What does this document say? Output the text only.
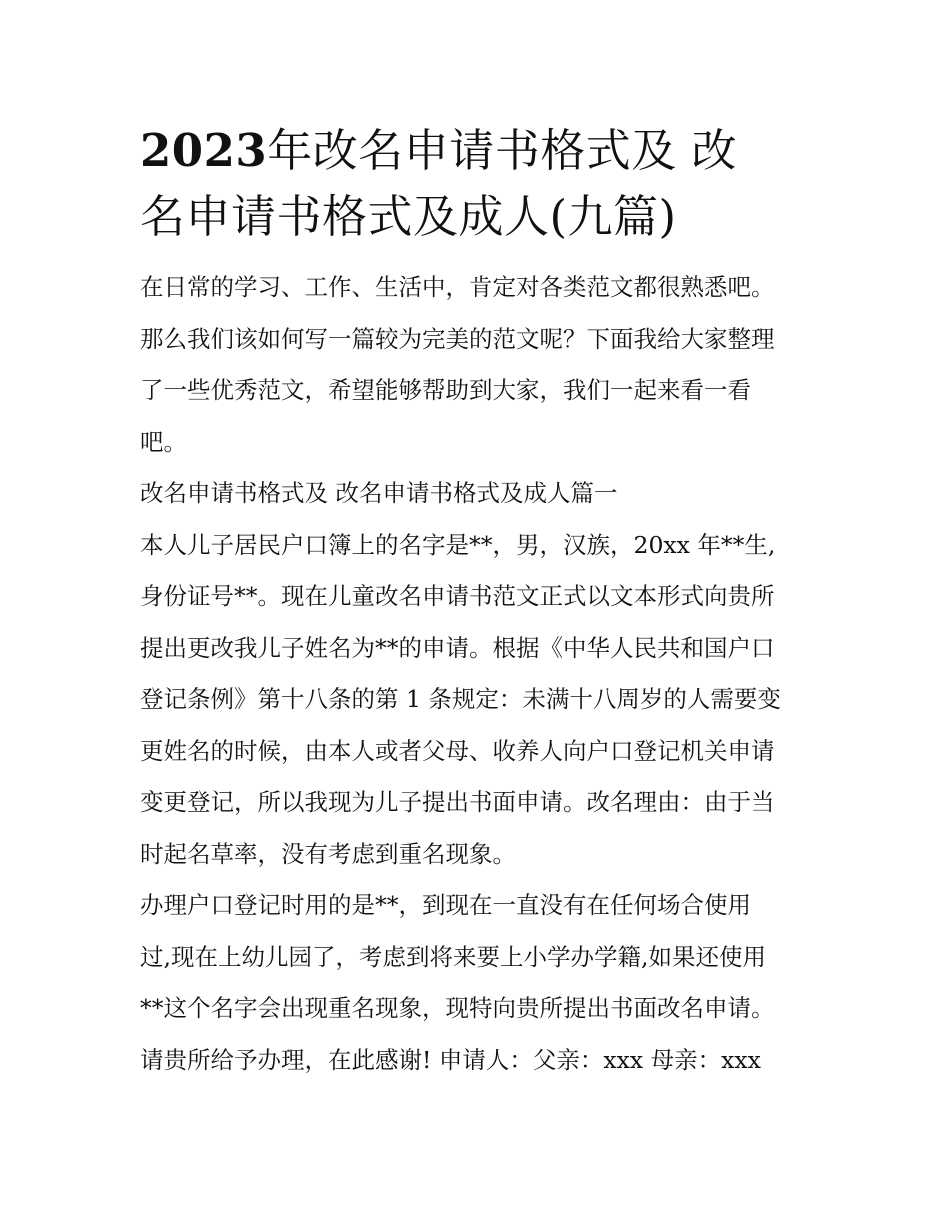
2023年改名申请书格式及 改
名申请书格式及成人(九篇)

在日常的学习、工作、生活中，肯定对各类范文都很熟悉吧。

那么我们该如何写一篇较为完美的范文呢？下面我给大家整理

了一些优秀范文，希望能够帮助到大家，我们一起来看一看

吧。

改名申请书格式及 改名申请书格式及成人篇一

本人儿子居民户口簿上的名字是**，男，汉族，20xx 年**生,

身份证号**。现在儿童改名申请书范文正式以文本形式向贵所

提出更改我儿子姓名为**的申请。根据《中华人民共和国户口

登记条例》第十八条的第 1 条规定：未满十八周岁的人需要变

更姓名的时候，由本人或者父母、收养人向户口登记机关申请

变更登记，所以我现为儿子提出书面申请。改名理由：由于当

时起名草率，没有考虑到重名现象。

办理户口登记时用的是**，到现在一直没有在任何场合使用

过,现在上幼儿园了，考虑到将来要上小学办学籍,如果还使用

**这个名字会出现重名现象，现特向贵所提出书面改名申请。

请贵所给予办理，在此感谢! 申请人：父亲：xxx 母亲：xxx
